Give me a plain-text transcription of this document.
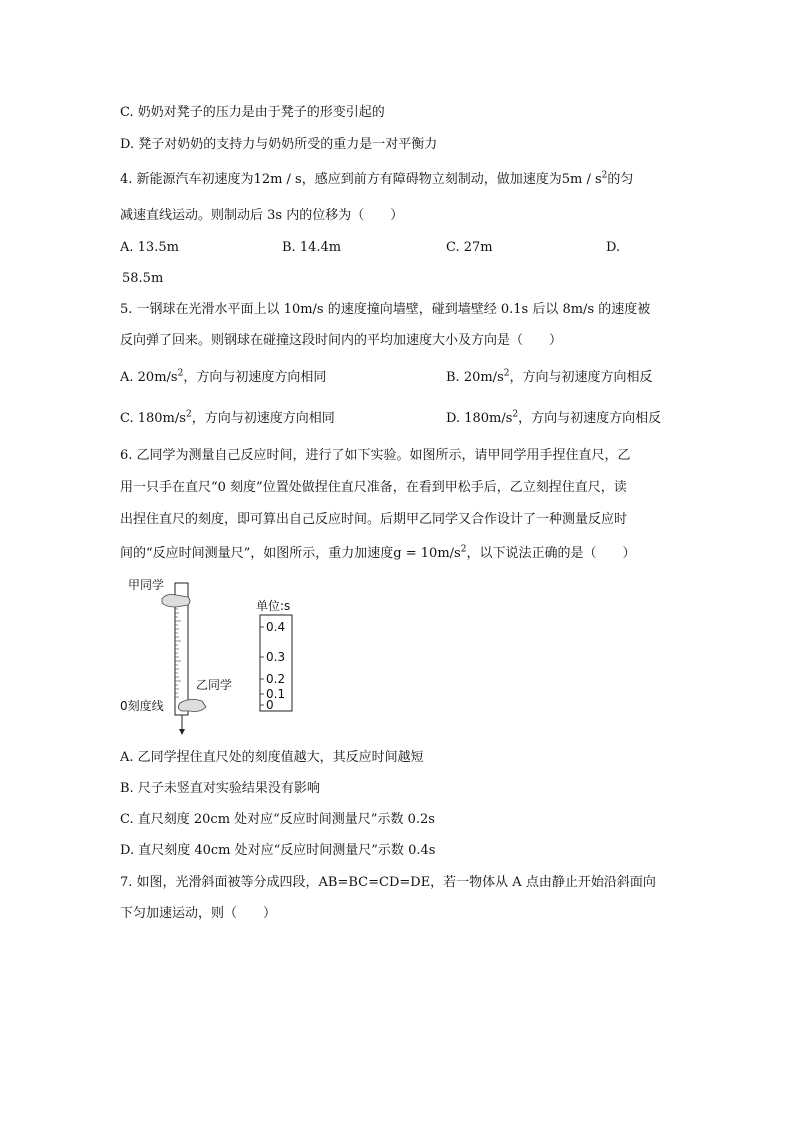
C. 奶奶对凳子的压力是由于凳子的形变引起的
D. 凳子对奶奶的支持力与奶奶所受的重力是一对平衡力
4. 新能源汽车初速度为12m / s，感应到前方有障碍物立刻制动，做加速度为$5m / s^2$的匀
减速直线运动。则制动后 3s 内的位移为（　　）
A. 13.5m	B. 14.4m	C. 27m	D.
58.5m
5. 一钢球在光滑水平面上以 10m/s 的速度撞向墙壁，碰到墙壁经 0.1s 后以 8m/s 的速度被
反向弹了回来。则钢球在碰撞这段时间内的平均加速度大小及方向是（　　）
A. $20m/s^2$，方向与初速度方向相同	B. $20m/s^2$，方向与初速度方向相反
C. $180m/s^2$，方向与初速度方向相同	D. $180m/s^2$，方向与初速度方向相反
6. 乙同学为测量自己反应时间，进行了如下实验。如图所示，请甲同学用手捏住直尺，乙
用一只手在直尺“0 刻度”位置处做捏住直尺准备，在看到甲松手后，乙立刻捏住直尺，读
出捏住直尺的刻度，即可算出自己反应时间。后期甲乙同学又合作设计了一种测量反应时
间的“反应时间测量尺”，如图所示，重力加速度$g = 10m/s^2$，以下说法正确的是（　　）
甲同学
乙同学
0刻度线
单位:s
0.4
0.3
0.2
0.1
0
A. 乙同学捏住直尺处的刻度值越大，其反应时间越短
B. 尺子未竖直对实验结果没有影响
C. 直尺刻度 20cm 处对应“反应时间测量尺”示数 0.2s
D. 直尺刻度 40cm 处对应“反应时间测量尺”示数 0.4s
7. 如图，光滑斜面被等分成四段，AB=BC=CD=DE，若一物体从 A 点由静止开始沿斜面向
下匀加速运动，则（　　）
